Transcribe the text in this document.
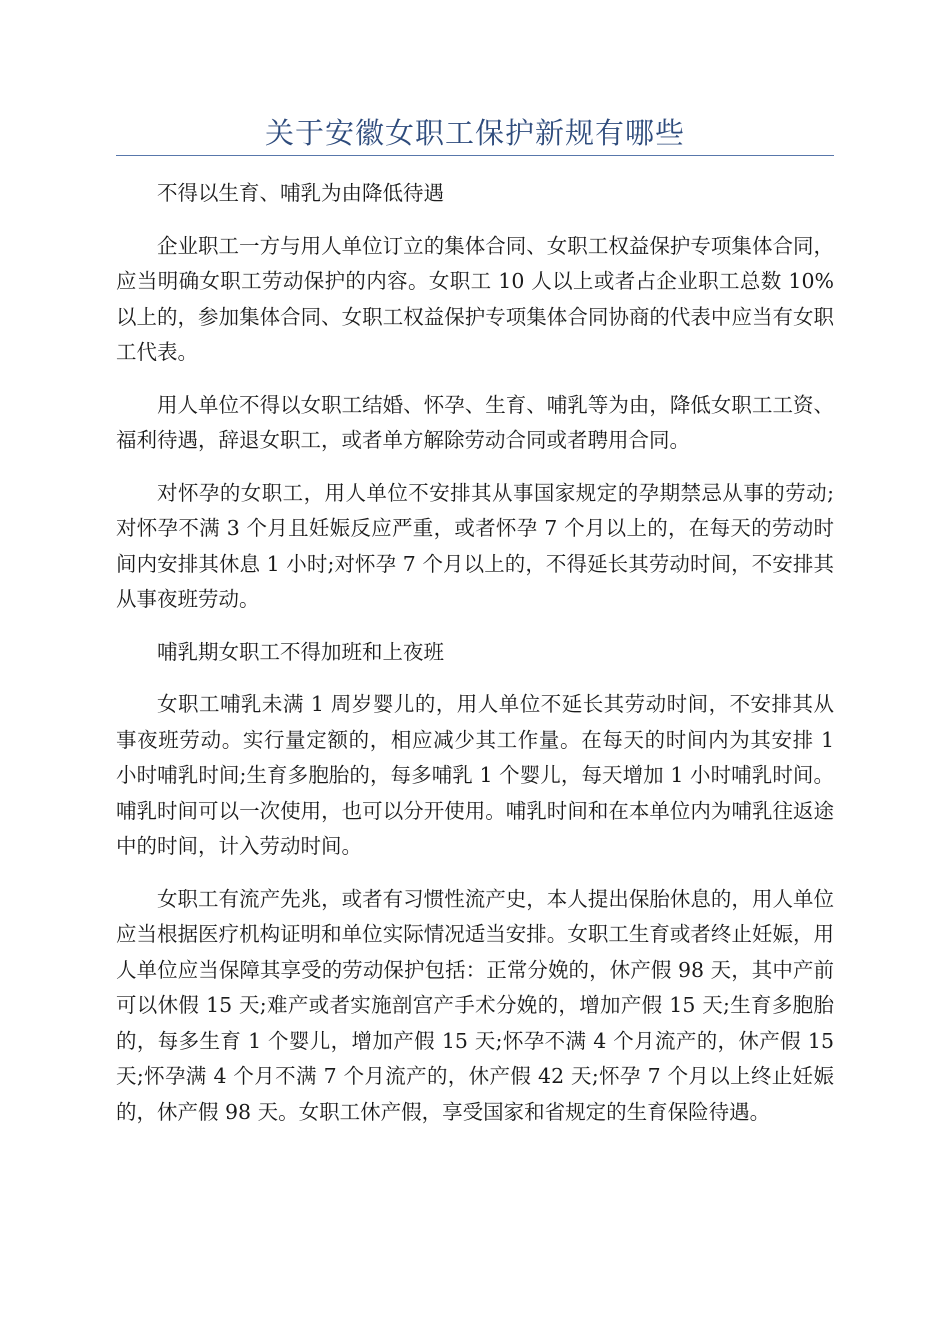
关于安徽女职工保护新规有哪些

不得以生育、哺乳为由降低待遇

企业职工一方与用人单位订立的集体合同、女职工权益保护专项集体合同，应当明确女职工劳动保护的内容。女职工 10 人以上或者占企业职工总数 10%以上的，参加集体合同、女职工权益保护专项集体合同协商的代表中应当有女职工代表。

用人单位不得以女职工结婚、怀孕、生育、哺乳等为由，降低女职工工资、福利待遇，辞退女职工，或者单方解除劳动合同或者聘用合同。

对怀孕的女职工，用人单位不安排其从事国家规定的孕期禁忌从事的劳动;对怀孕不满 3 个月且妊娠反应严重，或者怀孕 7 个月以上的，在每天的劳动时间内安排其休息 1 小时;对怀孕 7 个月以上的，不得延长其劳动时间，不安排其从事夜班劳动。

哺乳期女职工不得加班和上夜班

女职工哺乳未满 1 周岁婴儿的，用人单位不延长其劳动时间，不安排其从事夜班劳动。实行量定额的，相应减少其工作量。在每天的时间内为其安排 1 小时哺乳时间;生育多胞胎的，每多哺乳 1 个婴儿，每天增加 1 小时哺乳时间。哺乳时间可以一次使用，也可以分开使用。哺乳时间和在本单位内为哺乳往返途中的时间，计入劳动时间。

女职工有流产先兆，或者有习惯性流产史，本人提出保胎休息的，用人单位应当根据医疗机构证明和单位实际情况适当安排。女职工生育或者终止妊娠，用人单位应当保障其享受的劳动保护包括：正常分娩的，休产假 98 天，其中产前可以休假 15 天;难产或者实施剖宫产手术分娩的，增加产假 15 天;生育多胞胎的，每多生育 1 个婴儿，增加产假 15 天;怀孕不满 4 个月流产的，休产假 15 天;怀孕满 4 个月不满 7 个月流产的，休产假 42 天;怀孕 7 个月以上终止妊娠的，休产假 98 天。女职工休产假，享受国家和省规定的生育保险待遇。
